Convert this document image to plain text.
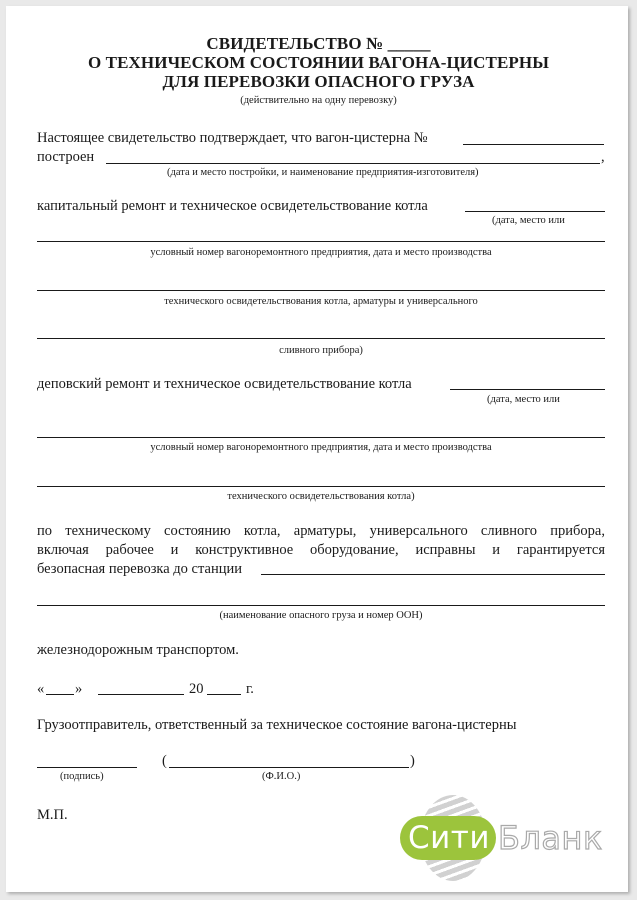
СВИДЕТЕЛЬСТВО № _____
О ТЕХНИЧЕСКОМ СОСТОЯНИИ ВАГОНА-ЦИСТЕРНЫ
ДЛЯ ПЕРЕВОЗКИ ОПАСНОГО ГРУЗА
(действительно на одну перевозку)
Настоящее свидетельство подтверждает, что вагон-цистерна №
построен	,
(дата и место постройки, и наименование предприятия-изготовителя)
капитальный ремонт и техническое освидетельствование котла
(дата, место или
условный номер вагоноремонтного предприятия, дата и место производства
технического освидетельствования котла, арматуры и универсального
сливного прибора)
деповский ремонт и техническое освидетельствование котла
(дата, место или
условный номер вагоноремонтного предприятия, дата и место производства
технического освидетельствования котла)
по техническому состоянию котла, арматуры, универсального сливного прибора,
включая рабочее и конструктивное оборудование, исправны и гарантируется
безопасная перевозка до станции
(наименование опасного груза и номер ООН)
железнодорожным транспортом.
« »	20	г.
Грузоотправитель, ответственный за техническое состояние вагона-цистерны
(	)
(подпись)	(Ф.И.О.)
М.П.
Сити Бланк
